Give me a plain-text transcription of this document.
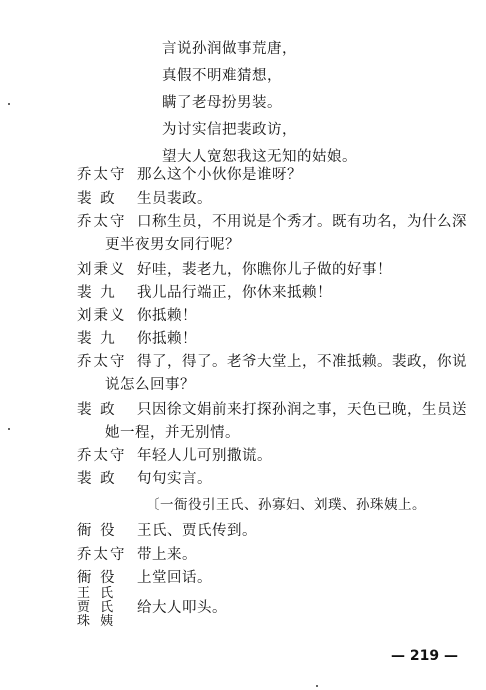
言说孙润做事荒唐，
真假不明难猜想，
瞒了老母扮男装。
为讨实信把裴政访，
望大人宽恕我这无知的姑娘。
乔太守 那么这个小伙你是谁呀？
裴 政 生员裴政。
乔太守 口称生员，不用说是个秀才。既有功名，为什么深
更半夜男女同行呢？
刘秉义 好哇，裴老九，你瞧你儿子做的好事！
裴 九 我儿品行端正，你休来抵赖！
刘秉义 你抵赖！
裴 九 你抵赖！
乔太守 得了，得了。老爷大堂上，不准抵赖。裴政，你说
说怎么回事？
裴 政 只因徐文娟前来打探孙润之事，天色已晚，生员送
她一程，并无别情。
乔太守 年轻人儿可别撒谎。
裴 政 句句实言。
〔一衙役引王氏、孙寡妇、刘璞、孙珠姨上。
衙 役 王氏、贾氏传到。
乔太守 带上来。
衙 役 上堂回话。
王 氏
贾 氏
珠 姨
给大人叩头。
— 219 —
